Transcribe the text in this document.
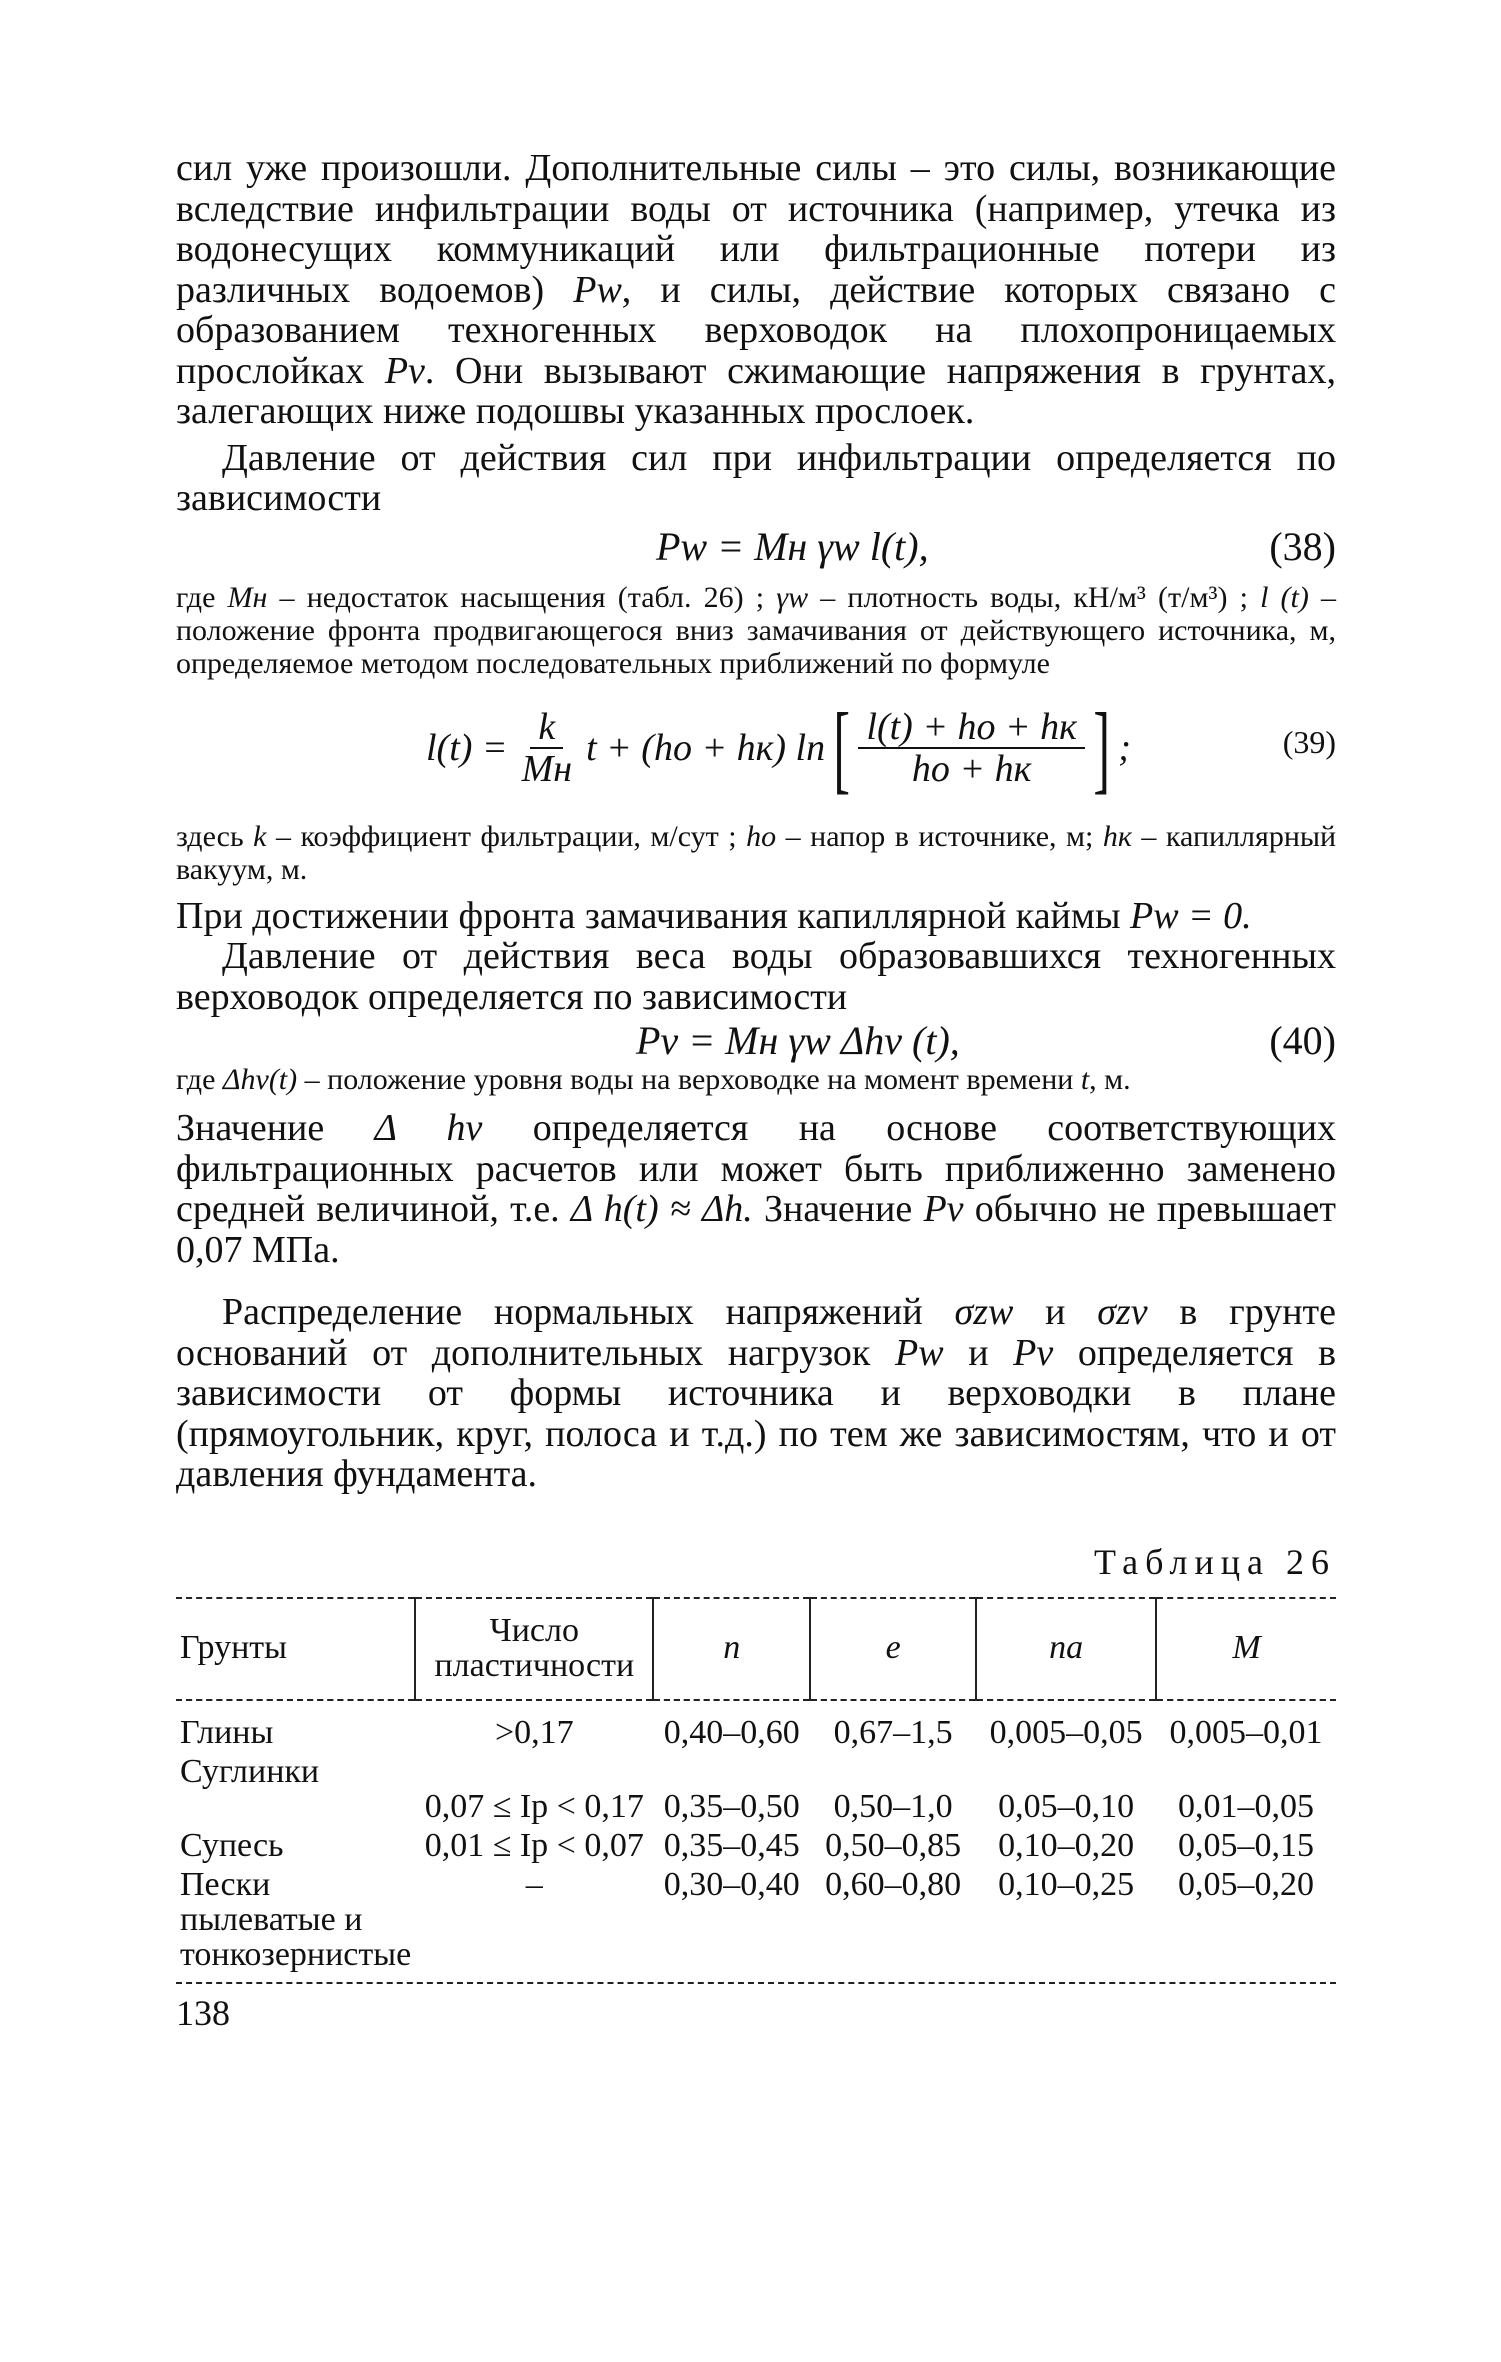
сил уже произошли. Дополнительные силы – это силы, возникающие вследствие инфильтрации воды от источника (например, утечка из водонесущих коммуникаций или фильтрационные потери из различных водоемов) Pw, и силы, действие которых связано с образованием техногенных верховодок на плохопроницаемых прослойках Pv. Они вызывают сжимающие напряжения в грунтах, залегающих ниже подошвы указанных прослоек.

Давление от действия сил при инфильтрации определяется по зависимости

Pw = Mн γw l(t),	(38)

где Mн – недостаток насыщения (табл. 26) ; γw – плотность воды, кН/м³ (т/м³) ; l (t) – положение фронта продвигающегося вниз замачивания от действующего источника, м, определяемое методом последовательных приближений по формуле

$l(t) = \frac{k}{Mн}$ t + (ho + hк) ln [ $\frac{l(t) + ho + hк}{ho + hк}$ ] ;	(39)

здесь k – коэффициент фильтрации, м/сут ; ho – напор в источнике, м; hк – капиллярный вакуум, м.

При достижении фронта замачивания капиллярной каймы Pw = 0.

Давление от действия веса воды образовавшихся техногенных верховодок определяется по зависимости

Pv = Mн γw Δhv (t),	(40)

где Δhv(t) – положение уровня воды на верховодке на момент времени t, м.

Значение Δ hv определяется на основе соответствующих фильтрационных расчетов или может быть приближенно заменено средней величиной, т.е. Δ h(t) ≈ Δh. Значение Pv обычно не превышает 0,07 МПа.

Распределение нормальных напряжений σzw и σzv в грунте оснований от дополнительных нагрузок Pw и Pv определяется в зависимости от формы источника и верховодки в плане (прямоугольник, круг, полоса и т.д.) по тем же зависимостям, что и от давления фундамента.

Таблица 26
Грунты	Число пластичности	n	e	na	M
Глины	>0,17	0,40–0,60	0,67–1,5	0,005–0,05	0,005–0,01
Суглинки	0,07 ≤ Ip < 0,17	0,35–0,50	0,50–1,0	0,05–0,10	0,01–0,05
Супесь	0,01 ≤ Ip < 0,07	0,35–0,45	0,50–0,85	0,10–0,20	0,05–0,15
Пески пылеватые и тонкозернистые	–	0,30–0,40	0,60–0,80	0,10–0,25	0,05–0,20
138
